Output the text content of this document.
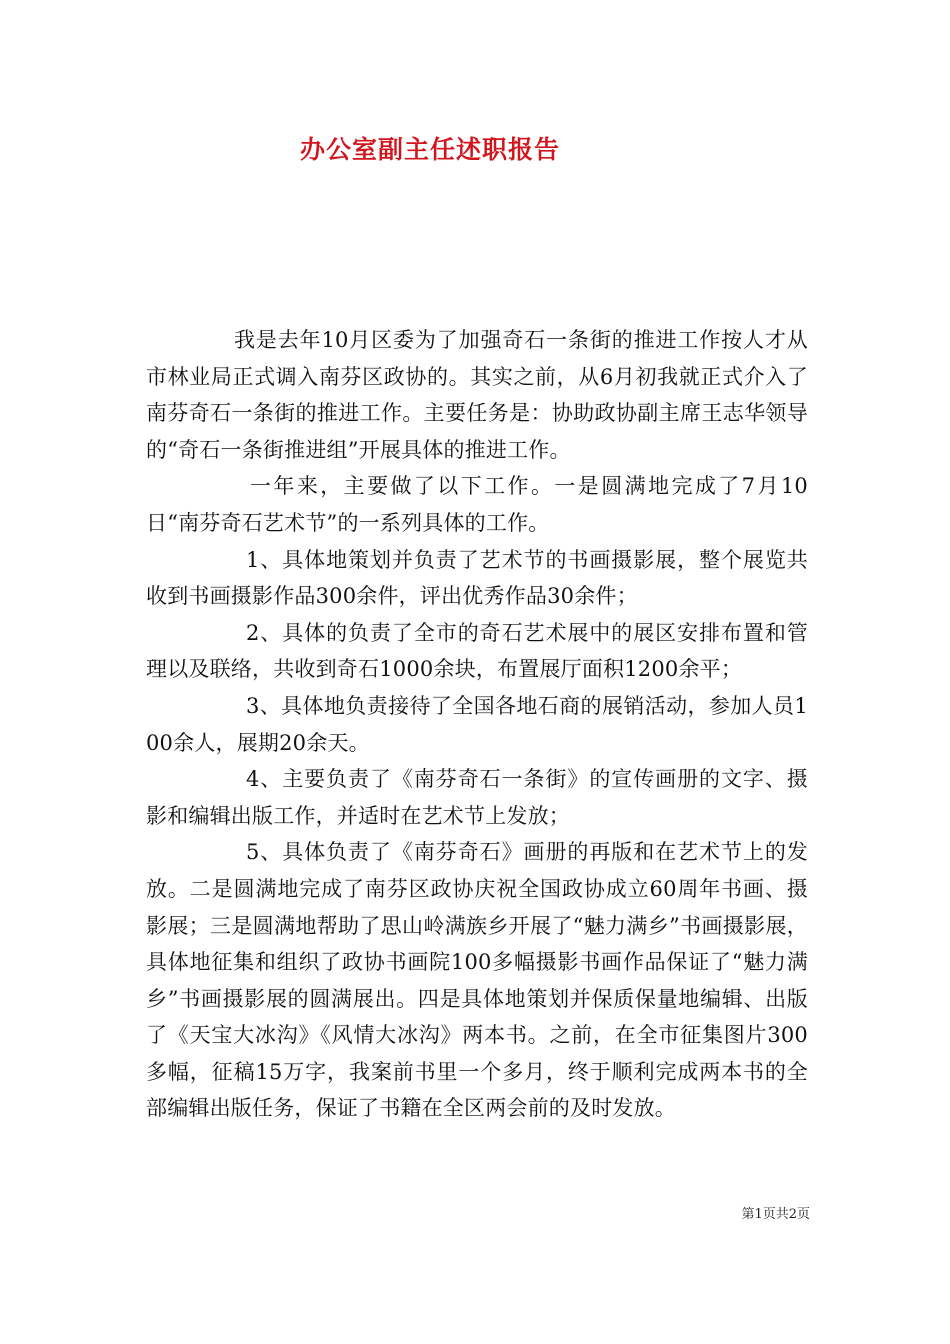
办公室副主任述职报告

我是去年10月区委为了加强奇石一条街的推进工作按人才从市林业局正式调入南芬区政协的。其实之前，从6月初我就正式介入了南芬奇石一条街的推进工作。主要任务是：协助政协副主席王志华领导的“奇石一条街推进组”开展具体的推进工作。

一年来，主要做了以下工作。一是圆满地完成了7月10日“南芬奇石艺术节”的一系列具体的工作。

1、具体地策划并负责了艺术节的书画摄影展，整个展览共收到书画摄影作品300余件，评出优秀作品30余件；

2、具体的负责了全市的奇石艺术展中的展区安排布置和管理以及联络，共收到奇石1000余块，布置展厅面积1200余平；

3、具体地负责接待了全国各地石商的展销活动，参加人员100余人，展期20余天。

4、主要负责了《南芬奇石一条街》的宣传画册的文字、摄影和编辑出版工作，并适时在艺术节上发放；

5、具体负责了《南芬奇石》画册的再版和在艺术节上的发放。二是圆满地完成了南芬区政协庆祝全国政协成立60周年书画、摄影展；三是圆满地帮助了思山岭满族乡开展了“魅力满乡”书画摄影展，具体地征集和组织了政协书画院100多幅摄影书画作品保证了“魅力满乡”书画摄影展的圆满展出。四是具体地策划并保质保量地编辑、出版了《天宝大冰沟》《风情大冰沟》两本书。之前，在全市征集图片300多幅，征稿15万字，我案前书里一个多月，终于顺利完成两本书的全部编辑出版任务，保证了书籍在全区两会前的及时发放。

第1页共2页
